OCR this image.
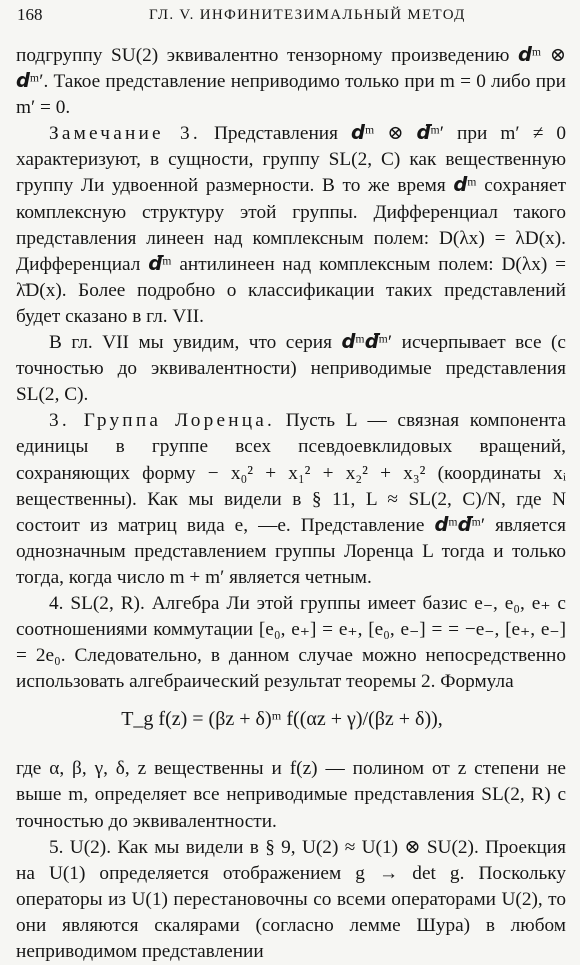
168	ГЛ. V. ИНФИНИТЕЗИМАЛЬНЫЙ МЕТОД

подгруппу SU(2) эквивалентно тензорному произведению 𝙙ᵐ ⊗ 𝙙ᵐ′. Такое представление неприводимо только при m = 0 либо при m′ = 0.

Замечание 3. Представления 𝙙ᵐ ⊗ 𝙙̄ᵐ′ при m′ ≠ 0 характеризуют, в сущности, группу SL(2, C) как вещественную группу Ли удвоенной размерности. В то же время 𝙙ᵐ сохраняет комплексную структуру этой группы. Дифференциал такого представления линеен над комплексным полем: D(λx) = λD(x). Дифференциал 𝙙̄ᵐ антилинеен над комплексным полем: D(λx) = λ̄D(x). Более подробно о классификации таких представлений будет сказано в гл. VII.

В гл. VII мы увидим, что серия 𝙙ᵐ𝙙̄ᵐ′ исчерпывает все (с точностью до эквивалентности) неприводимые представления SL(2, C).

3. Группа Лоренца. Пусть L — связная компонента единицы в группе всех псевдоевклидовых вращений, сохраняющих форму − x₀² + x₁² + x₂² + x₃² (координаты xᵢ вещественны). Как мы видели в § 11, L ≈ SL(2, C)/N, где N состоит из матриц вида e, —e. Представление 𝙙ᵐ𝙙̄ᵐ′ является однозначным представлением группы Лоренца L тогда и только тогда, когда число m + m′ является четным.

4. SL(2, R). Алгебра Ли этой группы имеет базис e₋, e₀, e₊ с соотношениями коммутации [e₀, e₊] = e₊, [e₀, e₋] = = −e₋, [e₊, e₋] = 2e₀. Следовательно, в данном случае можно непосредственно использовать алгебраический результат теоремы 2. Формула

T_g f(z) = (βz + δ)ᵐ f((αz + γ)/(βz + δ)),

где α, β, γ, δ, z вещественны и f(z) — полином от z степени не выше m, определяет все неприводимые представления SL(2, R) с точностью до эквивалентности.

5. U(2). Как мы видели в § 9, U(2) ≈ U(1) ⊗ SU(2). Проекция на U(1) определяется отображением g → det g. Поскольку операторы из U(1) перестановочны со всеми операторами U(2), то они являются скалярами (согласно лемме Шура) в любом неприводимом представлении
